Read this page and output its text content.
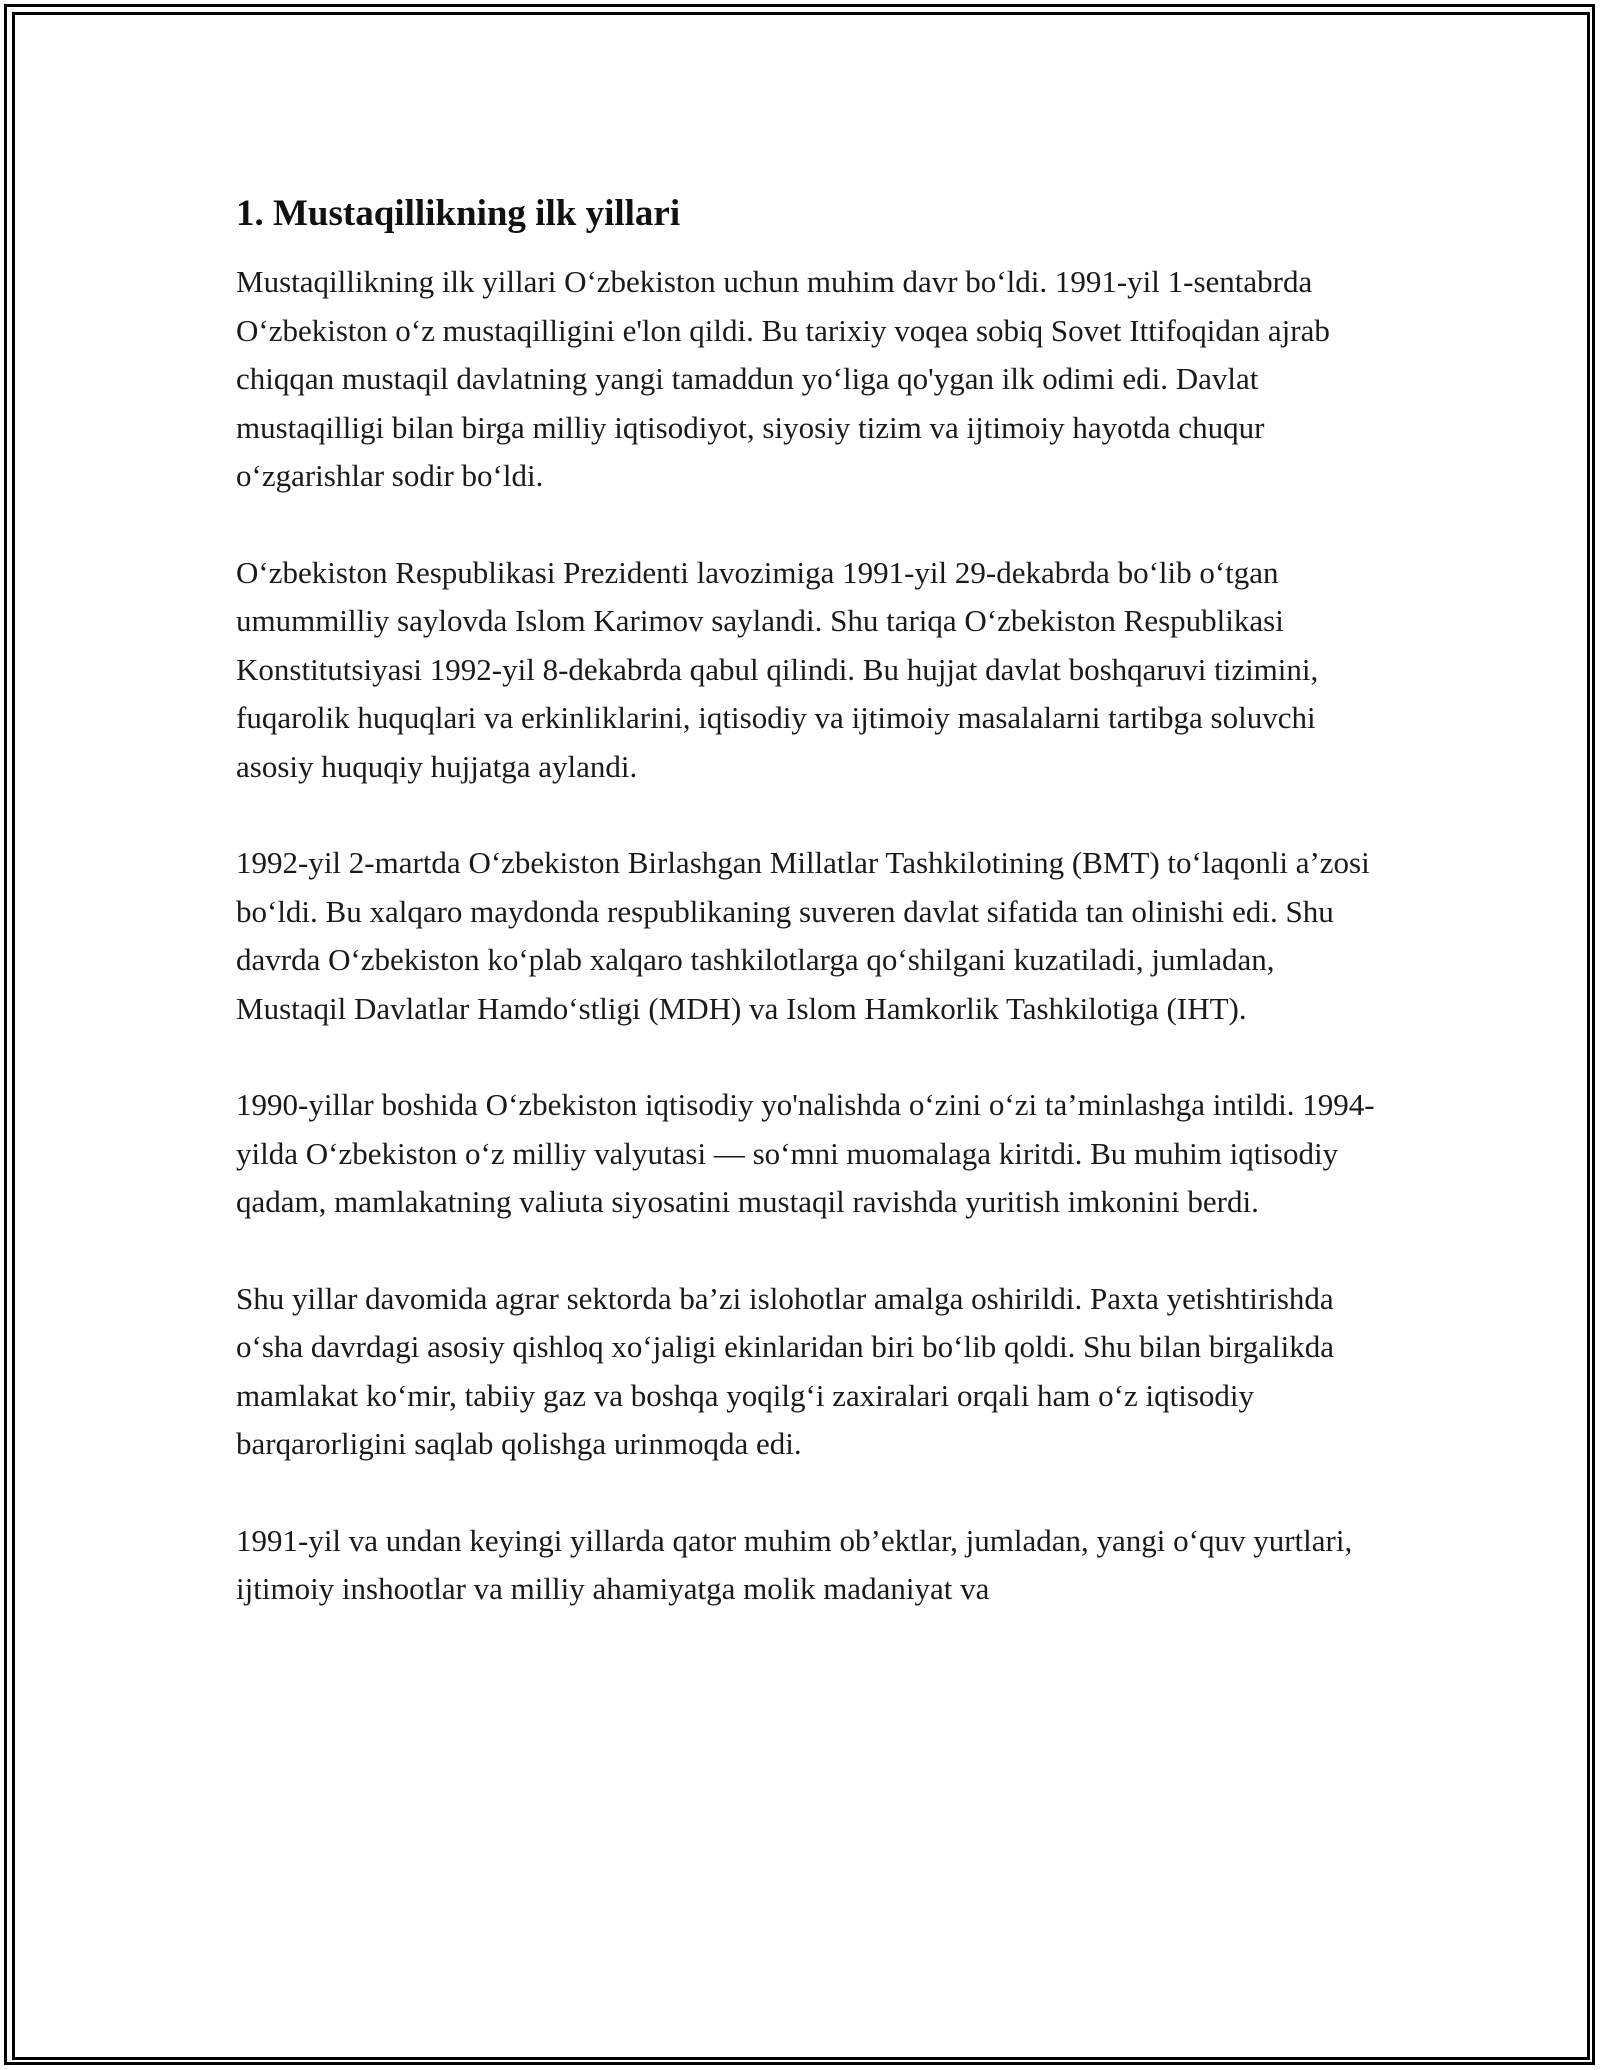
1. Mustaqillikning ilk yillari

Mustaqillikning ilk yillari O‘zbekiston uchun muhim davr bo‘ldi. 1991-yil 1-sentabrda O‘zbekiston o‘z mustaqilligini e'lon qildi. Bu tarixiy voqea sobiq Sovet Ittifoqidan ajrab chiqqan mustaqil davlatning yangi tamaddun yo‘liga qo'ygan ilk odimi edi. Davlat mustaqilligi bilan birga milliy iqtisodiyot, siyosiy tizim va ijtimoiy hayotda chuqur o‘zgarishlar sodir bo‘ldi.

O‘zbekiston Respublikasi Prezidenti lavozimiga 1991-yil 29-dekabrda bo‘lib o‘tgan umummilliy saylovda Islom Karimov saylandi. Shu tariqa O‘zbekiston Respublikasi Konstitutsiyasi 1992-yil 8-dekabrda qabul qilindi. Bu hujjat davlat boshqaruvi tizimini, fuqarolik huquqlari va erkinliklarini, iqtisodiy va ijtimoiy masalalarni tartibga soluvchi asosiy huquqiy hujjatga aylandi.

1992-yil 2-martda O‘zbekiston Birlashgan Millatlar Tashkilotining (BMT) to‘laqonli a’zosi bo‘ldi. Bu xalqaro maydonda respublikaning suveren davlat sifatida tan olinishi edi. Shu davrda O‘zbekiston ko‘plab xalqaro tashkilotlarga qo‘shilgani kuzatiladi, jumladan, Mustaqil Davlatlar Hamdo‘stligi (MDH) va Islom Hamkorlik Tashkilotiga (IHT).

1990-yillar boshida O‘zbekiston iqtisodiy yo'nalishda o‘zini o‘zi ta’minlashga intildi. 1994-yilda O‘zbekiston o‘z milliy valyutasi — so‘mni muomalaga kiritdi. Bu muhim iqtisodiy qadam, mamlakatning valiuta siyosatini mustaqil ravishda yuritish imkonini berdi.

Shu yillar davomida agrar sektorda ba’zi islohotlar amalga oshirildi. Paxta yetishtirishda o‘sha davrdagi asosiy qishloq xo‘jaligi ekinlaridan biri bo‘lib qoldi. Shu bilan birgalikda mamlakat ko‘mir, tabiiy gaz va boshqa yoqilg‘i zaxiralari orqali ham o‘z iqtisodiy barqarorligini saqlab qolishga urinmoqda edi.

1991-yil va undan keyingi yillarda qator muhim ob’ektlar, jumladan, yangi o‘quv yurtlari, ijtimoiy inshootlar va milliy ahamiyatga molik madaniyat va
